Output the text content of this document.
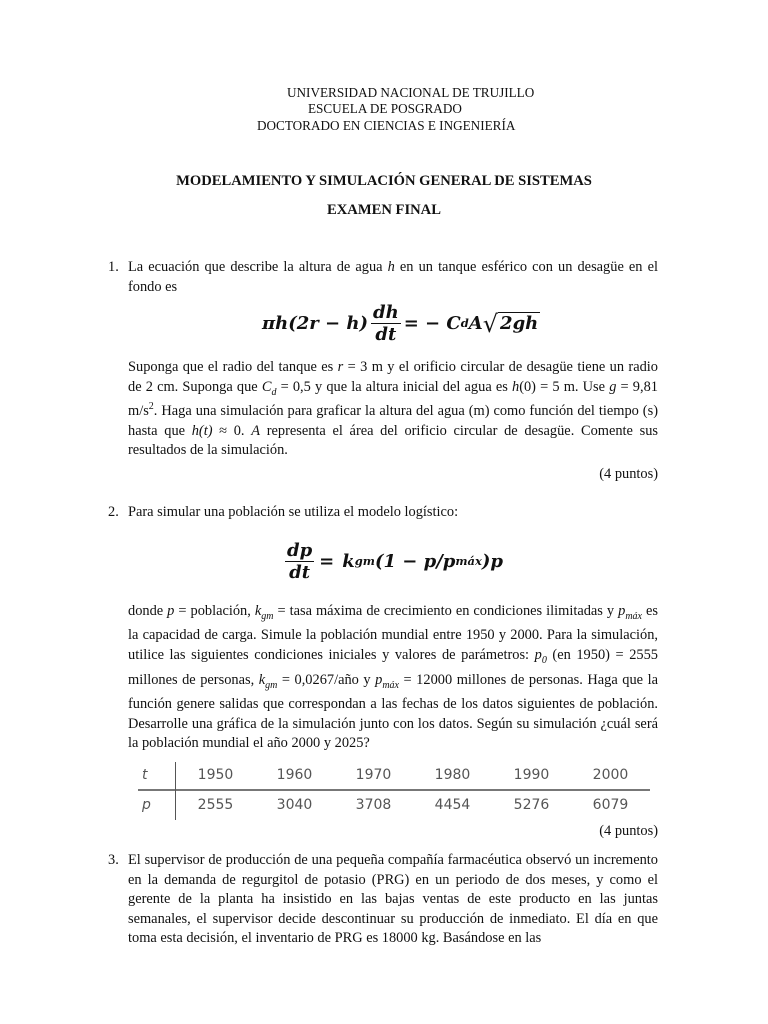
UNIVERSIDAD NACIONAL DE TRUJILLO
ESCUELA DE POSGRADO
DOCTORADO EN CIENCIAS E INGENIERÍA
MODELAMIENTO Y SIMULACIÓN GENERAL DE SISTEMAS
EXAMEN FINAL
1. La ecuación que describe la altura de agua h en un tanque esférico con un desagüe en el fondo es

πh $(2r - h) \frac{dh}{dt}$ = − C d A √ 2gh

Suponga que el radio del tanque es r = 3 m y el orificio circular de desagüe tiene un radio de 2 cm. Suponga que $C_d = 0,5$ y que la altura inicial del agua es h(0) = 5 m. Use g = 9,81 $m/s^2$. Haga una simulación para graficar la altura del agua (m) como función del tiempo (s) hasta que h(t) ≈ 0. A representa el área del orificio circular de desagüe. Comente sus resultados de la simulación.

(4 puntos)
2. Para simular una población se utiliza el modelo logístico:
$\frac{dp}{dt} = k$ gm (1 − p/p máx )p

donde p = población, $k_{gm}$ = tasa máxima de crecimiento en condiciones ilimitadas y $p_{máx}$ es la capacidad de carga. Simule la población mundial entre 1950 y 2000. Para la simulación, utilice las siguientes condiciones iniciales y valores de parámetros: $p_0$ (en 1950) = 2555 millones de personas, $k_{gm}$ = 0,0267/año y $p_{máx} = 12000$ millones de personas. Haga que la función genere salidas que correspondan a las fechas de los datos siguientes de población. Desarrolle una gráfica de la simulación junto con los datos. Según su simulación ¿cuál será la población mundial el año 2000 y 2025?

t	1950	1960	1970	1980	1990	2000
p	2555	3040	3708	4454	5276	6079
(4 puntos)
3. El supervisor de producción de una pequeña compañía farmacéutica observó un incremento en la demanda de regurgitol de potasio (PRG) en un periodo de dos meses, y como el gerente de la planta ha insistido en las bajas ventas de este producto en las juntas semanales, el supervisor decide descontinuar su producción de inmediato. El día en que toma esta decisión, el inventario de PRG es 18000 kg. Basándose en las
